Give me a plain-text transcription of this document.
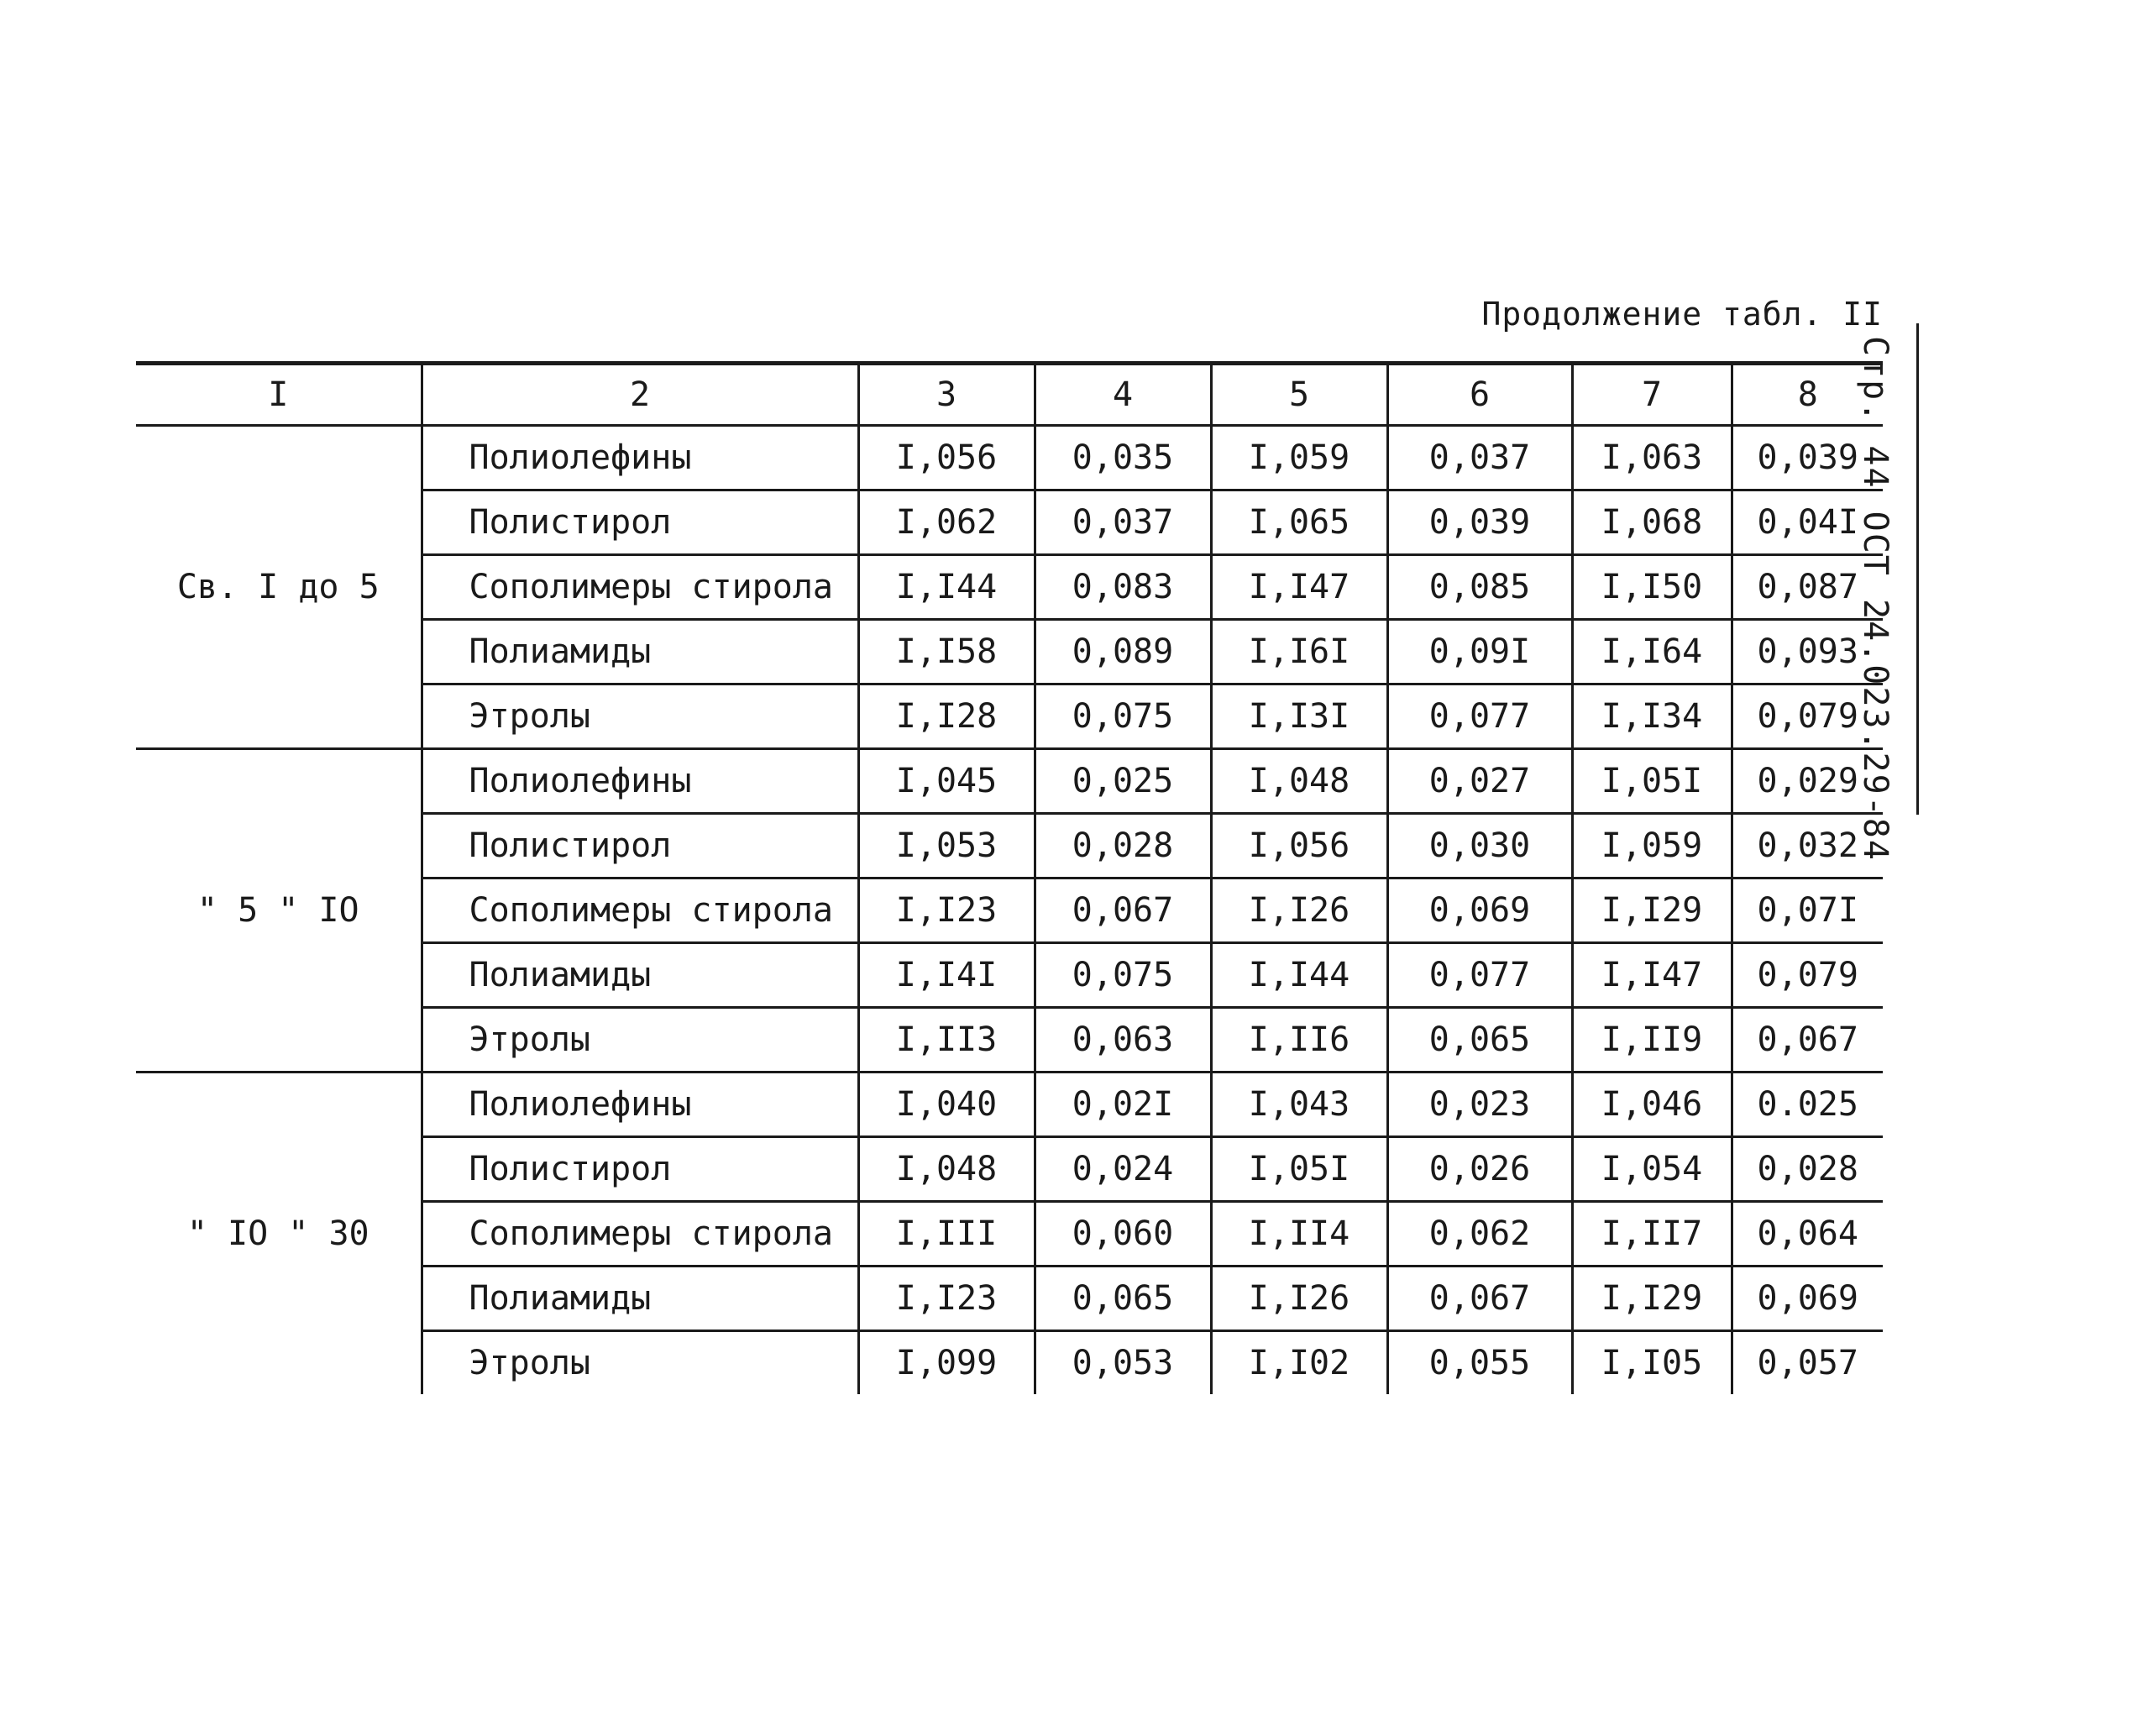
Продолжение табл. II
Стр. 44 ОСТ 24.023.29-84
I	2	3	4	5	6	7	8
Св. I до 5	Полиолефины	I,056	0,035	I,059	0,037	I,063	0,039
	Полистирол	I,062	0,037	I,065	0,039	I,068	0,04I
	Сополимеры стирола	I,I44	0,083	I,I47	0,085	I,I50	0,087
	Полиамиды	I,I58	0,089	I,I6I	0,09I	I,I64	0,093
	Этролы	I,I28	0,075	I,I3I	0,077	I,I34	0,079
" 5 " IO	Полиолефины	I,045	0,025	I,048	0,027	I,05I	0,029
	Полистирол	I,053	0,028	I,056	0,030	I,059	0,032
	Сополимеры стирола	I,I23	0,067	I,I26	0,069	I,I29	0,07I
	Полиамиды	I,I4I	0,075	I,I44	0,077	I,I47	0,079
	Этролы	I,II3	0,063	I,II6	0,065	I,II9	0,067
" IO " 30	Полиолефины	I,040	0,02I	I,043	0,023	I,046	0.025
	Полистирол	I,048	0,024	I,05I	0,026	I,054	0,028
	Сополимеры стирола	I,III	0,060	I,II4	0,062	I,II7	0,064
	Полиамиды	I,I23	0,065	I,I26	0,067	I,I29	0,069
	Этролы	I,099	0,053	I,I02	0,055	I,I05	0,057
